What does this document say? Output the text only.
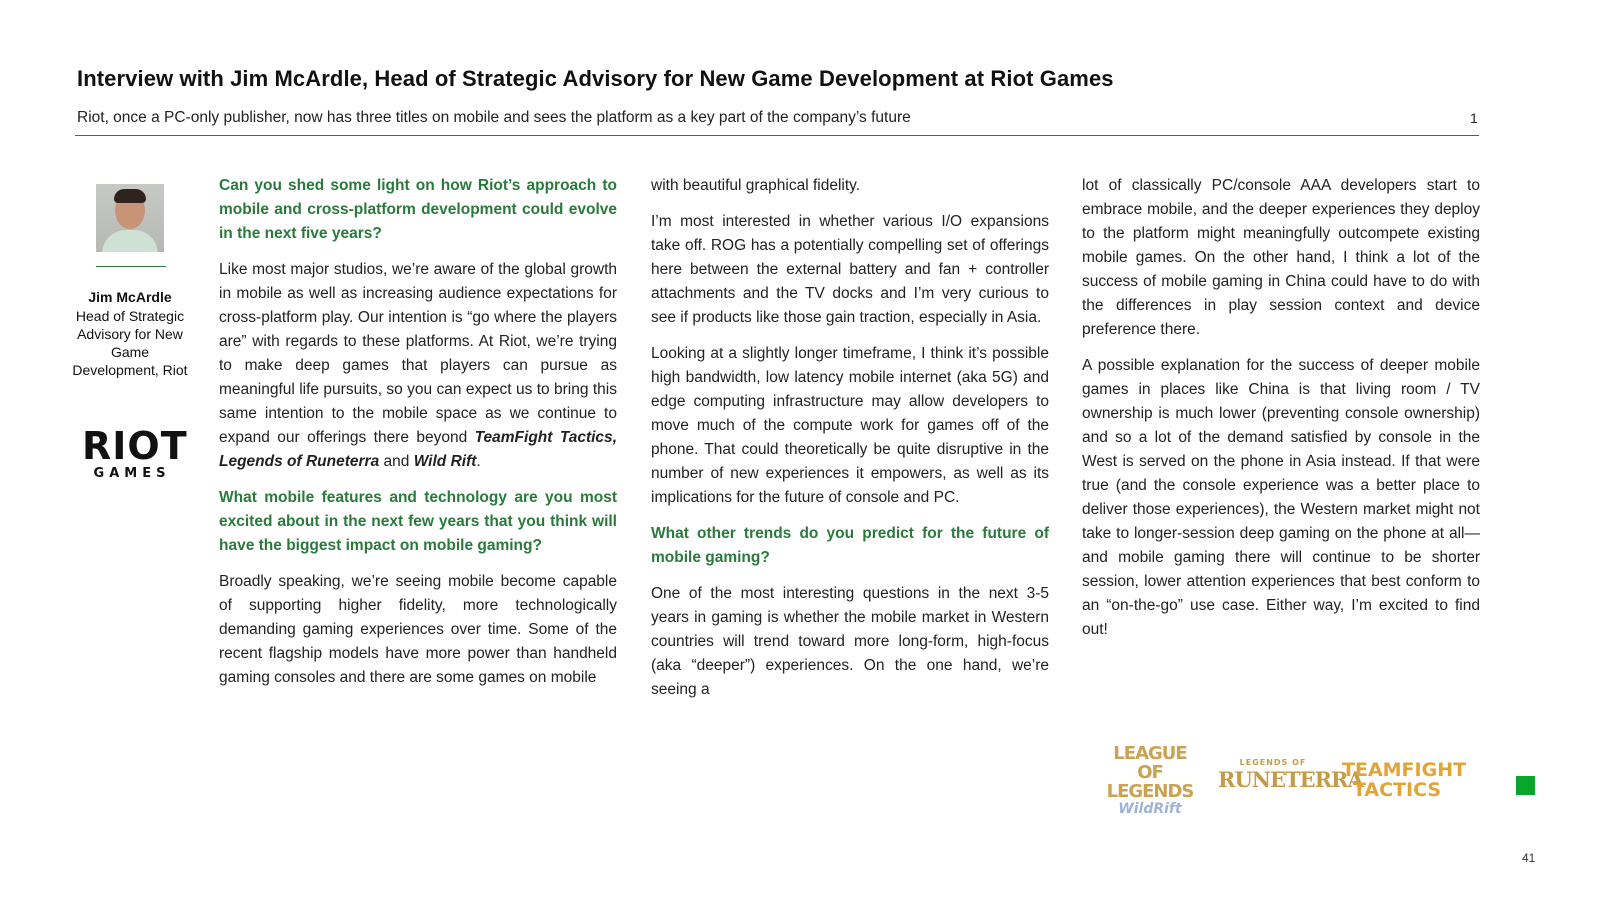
Interview with Jim McArdle, Head of Strategic Advisory for New Game Development at Riot Games
Riot, once a PC-only publisher, now has three titles on mobile and sees the platform as a key part of the company’s future	1
Jim McArdle
Head of Strategic Advisory for New Game Development, Riot
RIOT
GAMES

Can you shed some light on how Riot’s approach to mobile and cross-platform development could evolve in the next five years?

Like most major studios, we’re aware of the global growth in mobile as well as increasing audience expectations for cross-platform play. Our intention is “go where the players are” with regards to these platforms. At Riot, we’re trying to make deep games that players can pursue as meaningful life pursuits, so you can expect us to bring this same intention to the mobile space as we continue to expand our offerings there beyond TeamFight Tactics, Legends of Runeterra and Wild Rift.

What mobile features and technology are you most excited about in the next few years that you think will have the biggest impact on mobile gaming?

Broadly speaking, we’re seeing mobile become capable of supporting higher fidelity, more technologically demanding gaming experiences over time. Some of the recent flagship models have more power than handheld gaming consoles and there are some games on mobile

with beautiful graphical fidelity.

I’m most interested in whether various I/O expansions take off. ROG has a potentially compelling set of offerings here between the external battery and fan + controller attachments and the TV docks and I’m very curious to see if products like those gain traction, especially in Asia.

Looking at a slightly longer timeframe, I think it’s possible high bandwidth, low latency mobile internet (aka 5G) and edge computing infrastructure may allow developers to move much of the compute work for games off of the phone. That could theoretically be quite disruptive in the number of new experiences it empowers, as well as its implications for the future of console and PC.

What other trends do you predict for the future of mobile gaming?

One of the most interesting questions in the next 3-5 years in gaming is whether the mobile market in Western countries will trend toward more long-form, high-focus (aka “deeper”) experiences. On the one hand, we’re seeing a

lot of classically PC/console AAA developers start to embrace mobile, and the deeper experiences they deploy to the platform might meaningfully outcompete existing mobile games. On the other hand, I think a lot of the success of mobile gaming in China could have to do with the differences in play session context and device preference there.

A possible explanation for the success of deeper mobile games in places like China is that living room / TV ownership is much lower (preventing console ownership) and so a lot of the demand satisfied by console in the West is served on the phone in Asia instead. If that were true (and the console experience was a better place to deliver those experiences), the Western market might not take to longer-session deep gaming on the phone at all—and mobile gaming there will continue to be shorter session, lower attention experiences that best conform to an “on-the-go” use case. Either way, I’m excited to find out!

LEAGUE OF
LEGENDS
WildRift
LEGENDS OF
RUNETERRA
TEAMFIGHT
TACTICS
41
